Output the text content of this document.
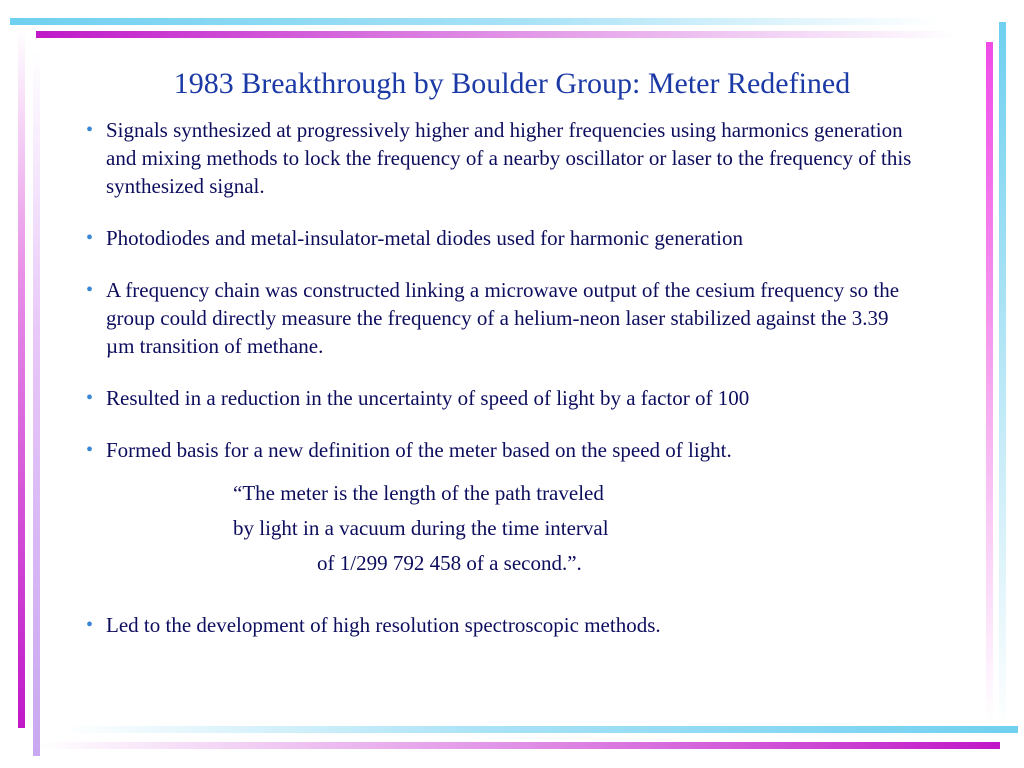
1983 Breakthrough by Boulder Group: Meter Redefined

• Signals synthesized at progressively higher and higher frequencies using harmonics generation and mixing methods to lock the frequency of a nearby oscillator or laser to the frequency of this synthesized signal.

• Photodiodes and metal-insulator-metal diodes used for harmonic generation

• A frequency chain was constructed linking a microwave output of the cesium frequency so the group could directly measure the frequency of a helium-neon laser stabilized against the 3.39 µm transition of methane.

• Resulted in a reduction in the uncertainty of speed of light by a factor of 100

• Formed basis for a new definition of the meter based on the speed of light.

“The meter is the length of the path traveled
by light in a vacuum during the time interval
of 1/299 792 458 of a second.”.

• Led to the development of high resolution spectroscopic methods.
